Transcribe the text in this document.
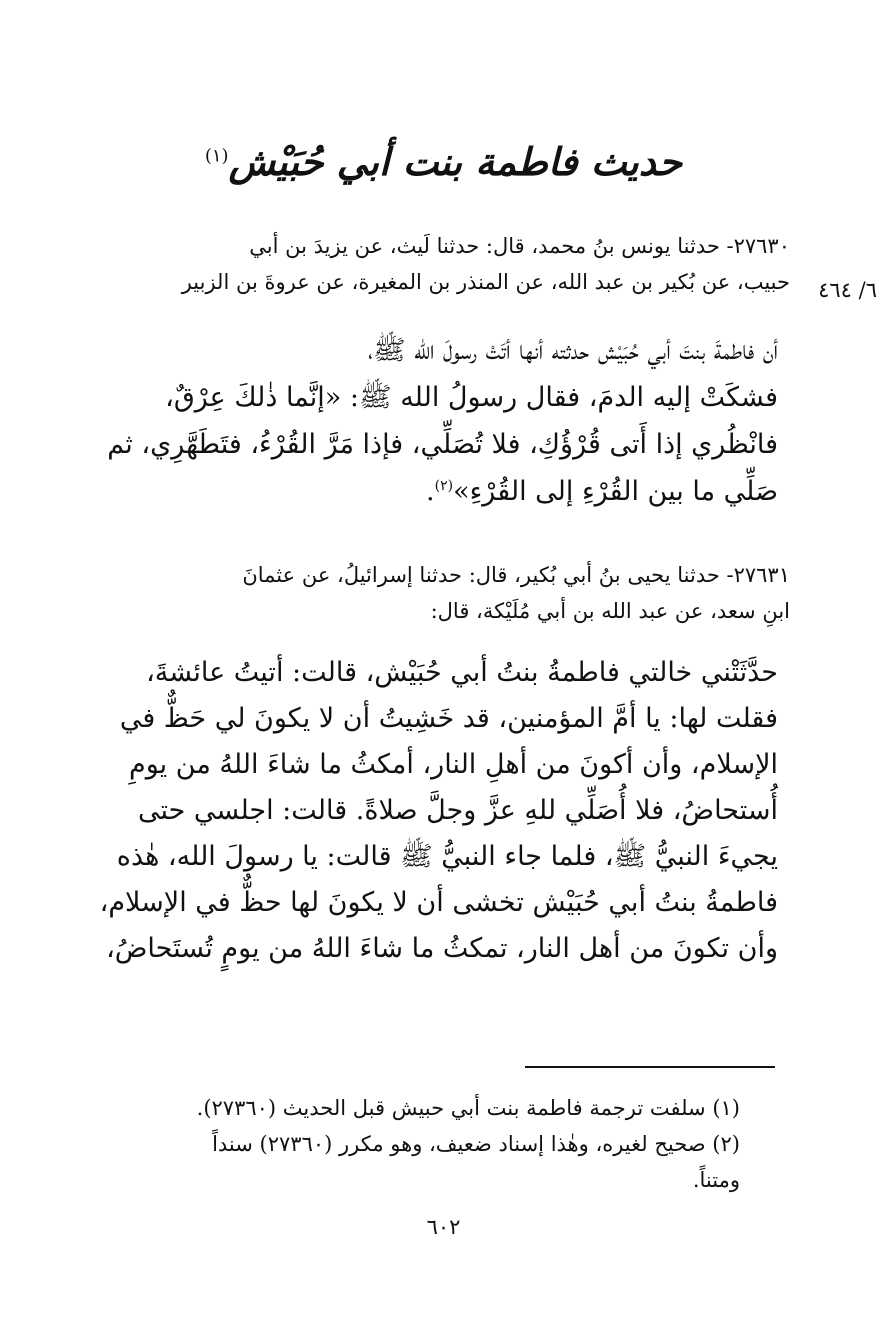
حديث فاطمة بنت أبي حُبَيْش$^{(١)}$
٢٧٦٣٠- حدثنا يونس بنُ محمد، قال: حدثنا لَيث، عن يزيدَ بن أبي
حبيب، عن بُكير بن عبد الله، عن المنذر بن المغيرة، عن عروةَ بن الزبير	٦/ ٤٦٤
أن فاطمةَ بنتَ أبي حُبَيْش حدثته أنها أتَتْ رسولَ الله ﷺ،
فشكَتْ إليه الدمَ، فقال رسولُ الله ﷺ: «إنَّما ذٰلكَ عِرْقٌ،
فانْظُري إذا أَتى قُرْؤُكِ، فلا تُصَلِّي، فإذا مَرَّ القُرْءُ، فتَطَهَّرِي، ثم
صَلِّي ما بين القُرْءِ إلى القُرْءِ»$^{(٢)}$.
٢٧٦٣١- حدثنا يحيى بنُ أبي بُكير، قال: حدثنا إسرائيلُ، عن عثمانَ
ابنِ سعد، عن عبد الله بن أبي مُلَيْكة، قال:
حدَّثَتْني خالتي فاطمةُ بنتُ أبي حُبَيْش، قالت: أتيتُ عائشةَ،
فقلت لها: يا أمَّ المؤمنين، قد خَشِيتُ أن لا يكونَ لي حَظٌّ في
الإسلام، وأن أكونَ من أهلِ النار، أمكثُ ما شاءَ اللهُ من يومِ
أُستحاضُ، فلا أُصَلِّي للهِ عزَّ وجلَّ صلاةً. قالت: اجلسي حتى
يجيءَ النبيُّ ﷺ، فلما جاء النبيُّ ﷺ قالت: يا رسولَ الله، هٰذه
فاطمةُ بنتُ أبي حُبَيْش تخشى أن لا يكونَ لها حظٌّ في الإسلام،
وأن تكونَ من أهل النار، تمكثُ ما شاءَ اللهُ من يومٍ تُستَحاضُ،
(١) سلفت ترجمة فاطمة بنت أبي حبيش قبل الحديث (٢٧٣٦٠).
(٢) صحيح لغيره، وهٰذا إسناد ضعيف، وهو مكرر (٢٧٣٦٠) سنداً
ومتناً.
٦٠٢
